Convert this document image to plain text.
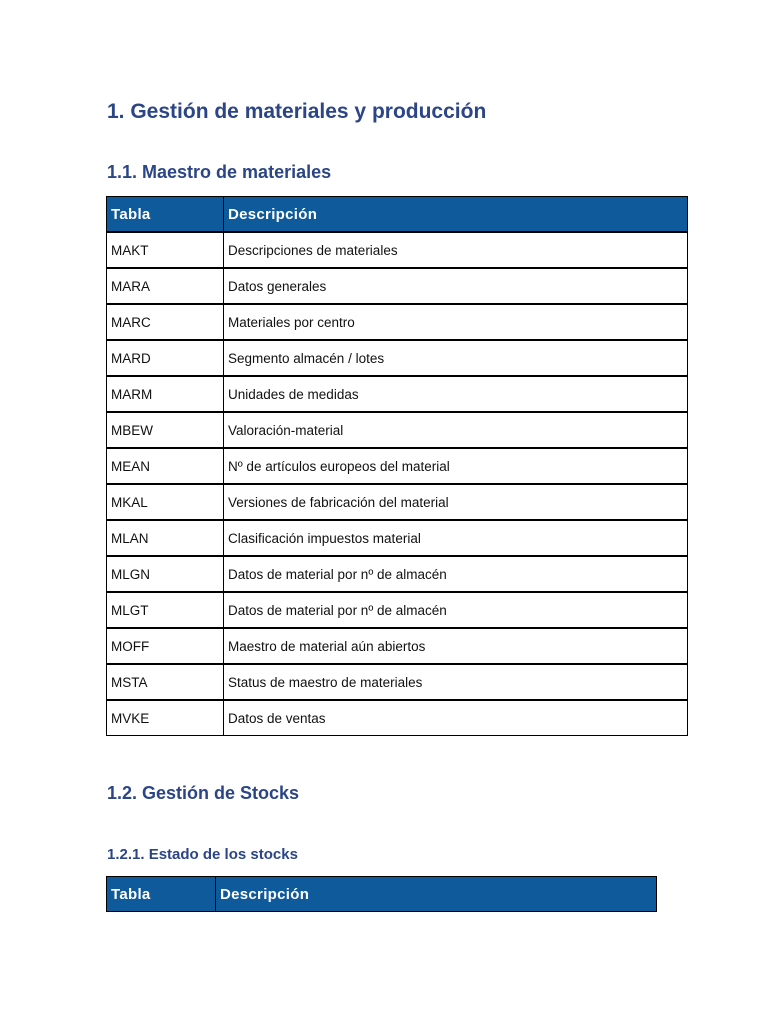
1. Gestión de materiales y producción
1.1. Maestro de materiales
Tabla	Descripción
MAKT	Descripciones de materiales
MARA	Datos generales
MARC	Materiales por centro
MARD	Segmento almacén / lotes
MARM	Unidades de medidas
MBEW	Valoración-material
MEAN	Nº de artículos europeos del material
MKAL	Versiones de fabricación del material
MLAN	Clasificación impuestos material
MLGN	Datos de material por nº de almacén
MLGT	Datos de material por nº de almacén
MOFF	Maestro de material aún abiertos
MSTA	Status de maestro de materiales
MVKE	Datos de ventas
1.2. Gestión de Stocks
1.2.1. Estado de los stocks
Tabla	Descripción
